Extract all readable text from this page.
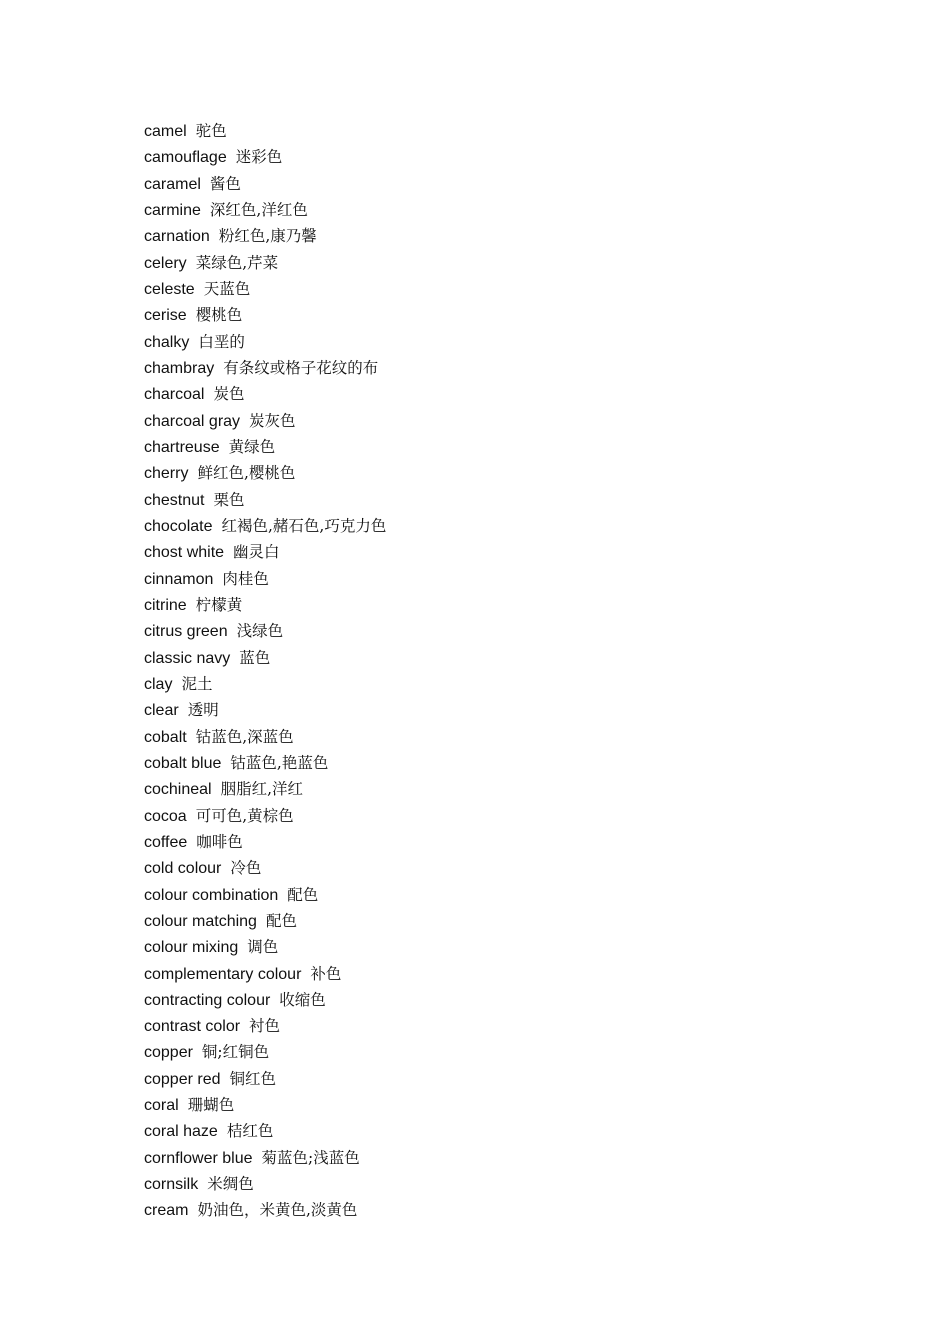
camel 驼色
camouflage 迷彩色
caramel 酱色
carmine 深红色,洋红色
carnation 粉红色,康乃馨
celery 菜绿色,芹菜
celeste 天蓝色
cerise 樱桃色
chalky 白垩的
chambray 有条纹或格子花纹的布
charcoal 炭色
charcoal gray 炭灰色
chartreuse 黄绿色
cherry 鲜红色,樱桃色
chestnut 栗色
chocolate 红褐色,赭石色,巧克力色
chost white 幽灵白
cinnamon 肉桂色
citrine 柠檬黄
citrus green 浅绿色
classic navy 蓝色
clay 泥土
clear 透明
cobalt 钴蓝色,深蓝色
cobalt blue 钴蓝色,艳蓝色
cochineal 胭脂红,洋红
cocoa 可可色,黄棕色
coffee 咖啡色
cold colour 冷色
colour combination 配色
colour matching 配色
colour mixing 调色
complementary colour 补色
contracting colour 收缩色
contrast color 衬色
copper 铜;红铜色
copper red 铜红色
coral 珊蝴色
coral haze 桔红色
cornflower blue 菊蓝色;浅蓝色
cornsilk 米绸色
cream 奶油色，米黄色,淡黄色
